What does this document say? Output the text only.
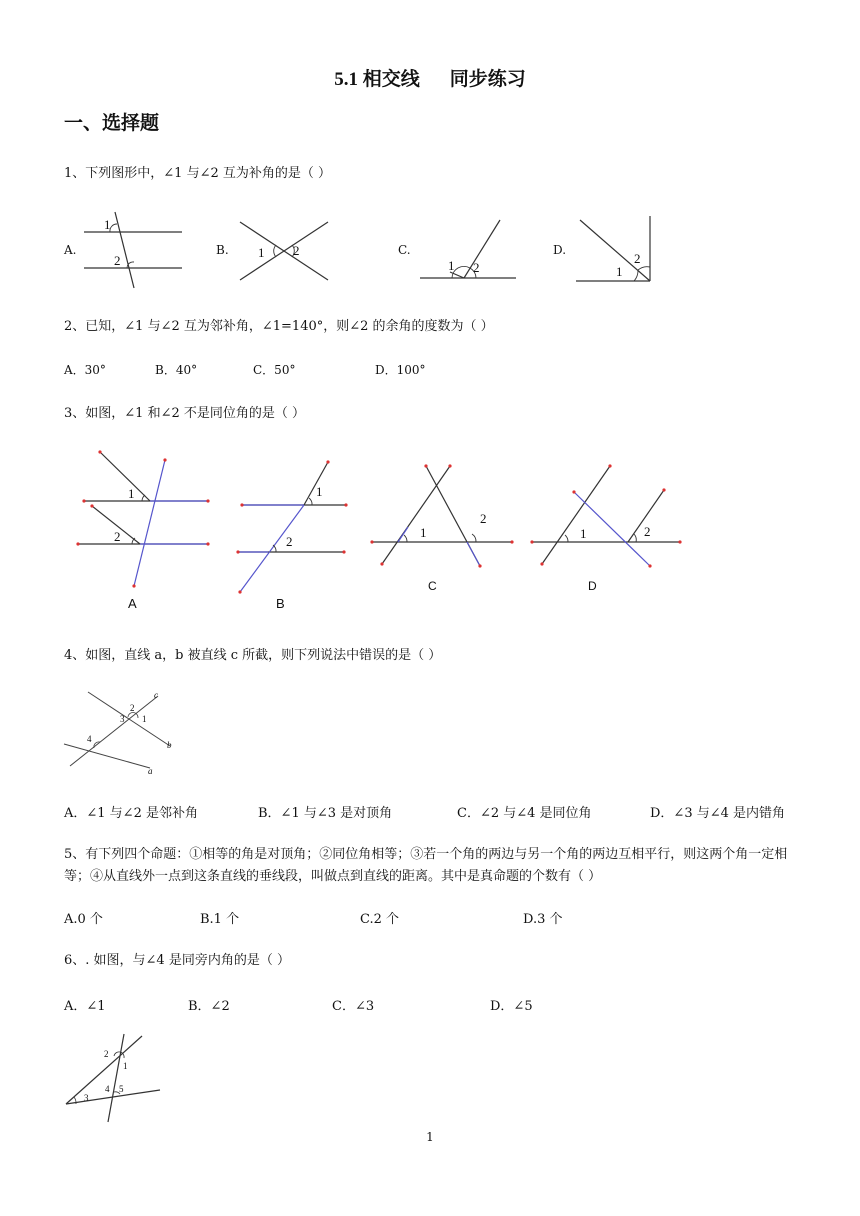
5.1 相交线 同步练习
一、选择题
1、下列图形中，∠1 与∠2 互为补角的是（ ）
A.	B.	C.	D.
1
2
1 2
1 2	1
2
2、已知，∠1 与∠2 互为邻补角，∠1=140°，则∠2 的余角的度数为（ ）
A．30°	B．40°	C．50°	D．100°
3、如图，∠1 和∠2 不是同位角的是（ ）
1
2
A
1
2
B
1
2
C
1	2
D
4、如图，直线 a，b 被直线 c 所截，则下列说法中错误的是（ ）
2
3 1
4
c
b
a
A．∠1 与∠2 是邻补角	B．∠1 与∠3 是对顶角	C．∠2 与∠4 是同位角	D．∠3 与∠4 是内错角
5、有下列四个命题：①相等的角是对顶角；②同位角相等；③若一个角的两边与另一个角的两边互相平行，则这两个角一定相等；④从直线外一点到这条直线的垂线段，叫做点到直线的距离。其中是真命题的个数有（ ）
A.0 个	B.1 个	C.2 个	D.3 个
6、. 如图，与∠4 是同旁内角的是（ ）
A．∠1	B．∠2	C．∠3	D．∠5
2
1
4 5
3
1
